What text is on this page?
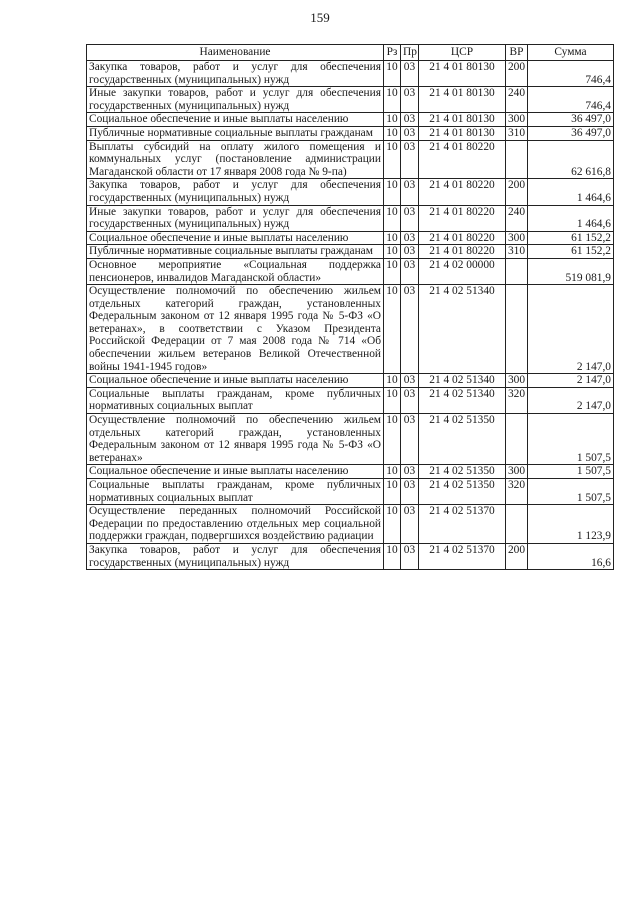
159
Наименование	Рз	Пр	ЦСР	ВР	Сумма
Закупка товаров, работ и услуг для обеспечения государственных (муниципальных) нужд	10	03	21 4 01 80130	200	746,4
Иные закупки товаров, работ и услуг для обеспечения государственных (муниципальных) нужд	10	03	21 4 01 80130	240	746,4
Социальное обеспечение и иные выплаты населению	10	03	21 4 01 80130	300	36 497,0
Публичные нормативные социальные выплаты гражданам	10	03	21 4 01 80130	310	36 497,0
Выплаты субсидий на оплату жилого помещения и коммунальных услуг (постановление администрации Магаданской области от 17 января 2008 года № 9-па)	10	03	21 4 01 80220		62 616,8
Закупка товаров, работ и услуг для обеспечения государственных (муниципальных) нужд	10	03	21 4 01 80220	200	1 464,6
Иные закупки товаров, работ и услуг для обеспечения государственных (муниципальных) нужд	10	03	21 4 01 80220	240	1 464,6
Социальное обеспечение и иные выплаты населению	10	03	21 4 01 80220	300	61 152,2
Публичные нормативные социальные выплаты гражданам	10	03	21 4 01 80220	310	61 152,2
Основное мероприятие «Социальная поддержка пенсионеров, инвалидов Магаданской области»	10	03	21 4 02 00000		519 081,9
Осуществление полномочий по обеспечению жильем отдельных категорий граждан, установленных Федеральным законом от 12 января 1995 года № 5-ФЗ «О ветеранах», в соответствии с Указом Президента Российской Федерации от 7 мая 2008 года № 714 «Об обеспечении жильем ветеранов Великой Отечественной войны 1941-1945 годов»	10	03	21 4 02 51340		2 147,0
Социальное обеспечение и иные выплаты населению	10	03	21 4 02 51340	300	2 147,0
Социальные выплаты гражданам, кроме публичных нормативных социальных выплат	10	03	21 4 02 51340	320	2 147,0
Осуществление полномочий по обеспечению жильем отдельных категорий граждан, установленных Федеральным законом от 12 января 1995 года № 5-ФЗ «О ветеранах»	10	03	21 4 02 51350		1 507,5
Социальное обеспечение и иные выплаты населению	10	03	21 4 02 51350	300	1 507,5
Социальные выплаты гражданам, кроме публичных нормативных социальных выплат	10	03	21 4 02 51350	320	1 507,5
Осуществление переданных полномочий Российской Федерации по предоставлению отдельных мер социальной поддержки граждан, подвергшихся воздействию радиации	10	03	21 4 02 51370		1 123,9
Закупка товаров, работ и услуг для обеспечения государственных (муниципальных) нужд	10	03	21 4 02 51370	200	16,6
